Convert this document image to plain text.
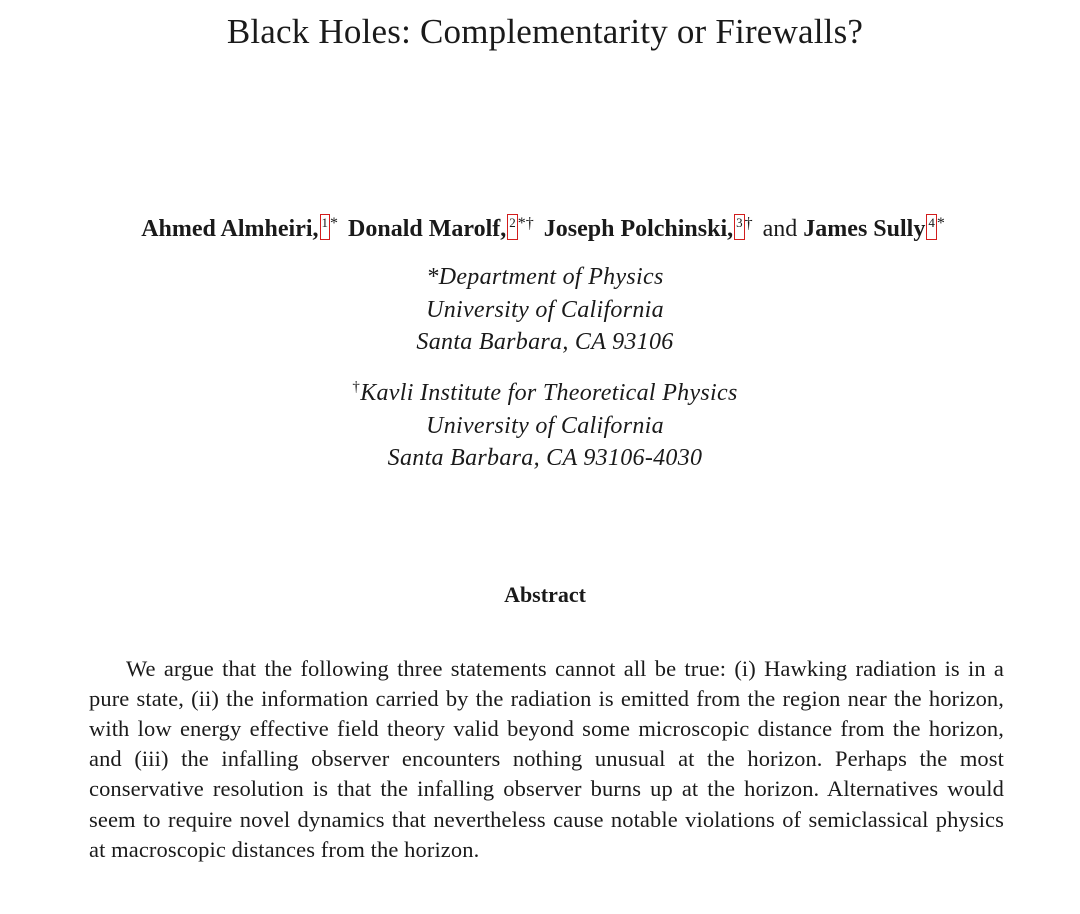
Black Holes: Complementarity or Firewalls?
Ahmed Almheiri, 1 * Donald Marolf, 2 *† Joseph Polchinski, 3 † and James Sully 4 *
*Department of Physics
University of California
Santa Barbara, CA 93106
†Kavli Institute for Theoretical Physics
University of California
Santa Barbara, CA 93106-4030
Abstract

We argue that the following three statements cannot all be true: (i) Hawking radiation is in a pure state, (ii) the information carried by the radiation is emitted from the region near the horizon, with low energy effective field theory valid beyond some microscopic distance from the horizon, and (iii) the infalling observer encounters nothing unusual at the horizon. Perhaps the most conservative resolution is that the infalling observer burns up at the horizon. Alternatives would seem to require novel dynamics that nevertheless cause notable violations of semiclassical physics at macroscopic distances from the horizon.
